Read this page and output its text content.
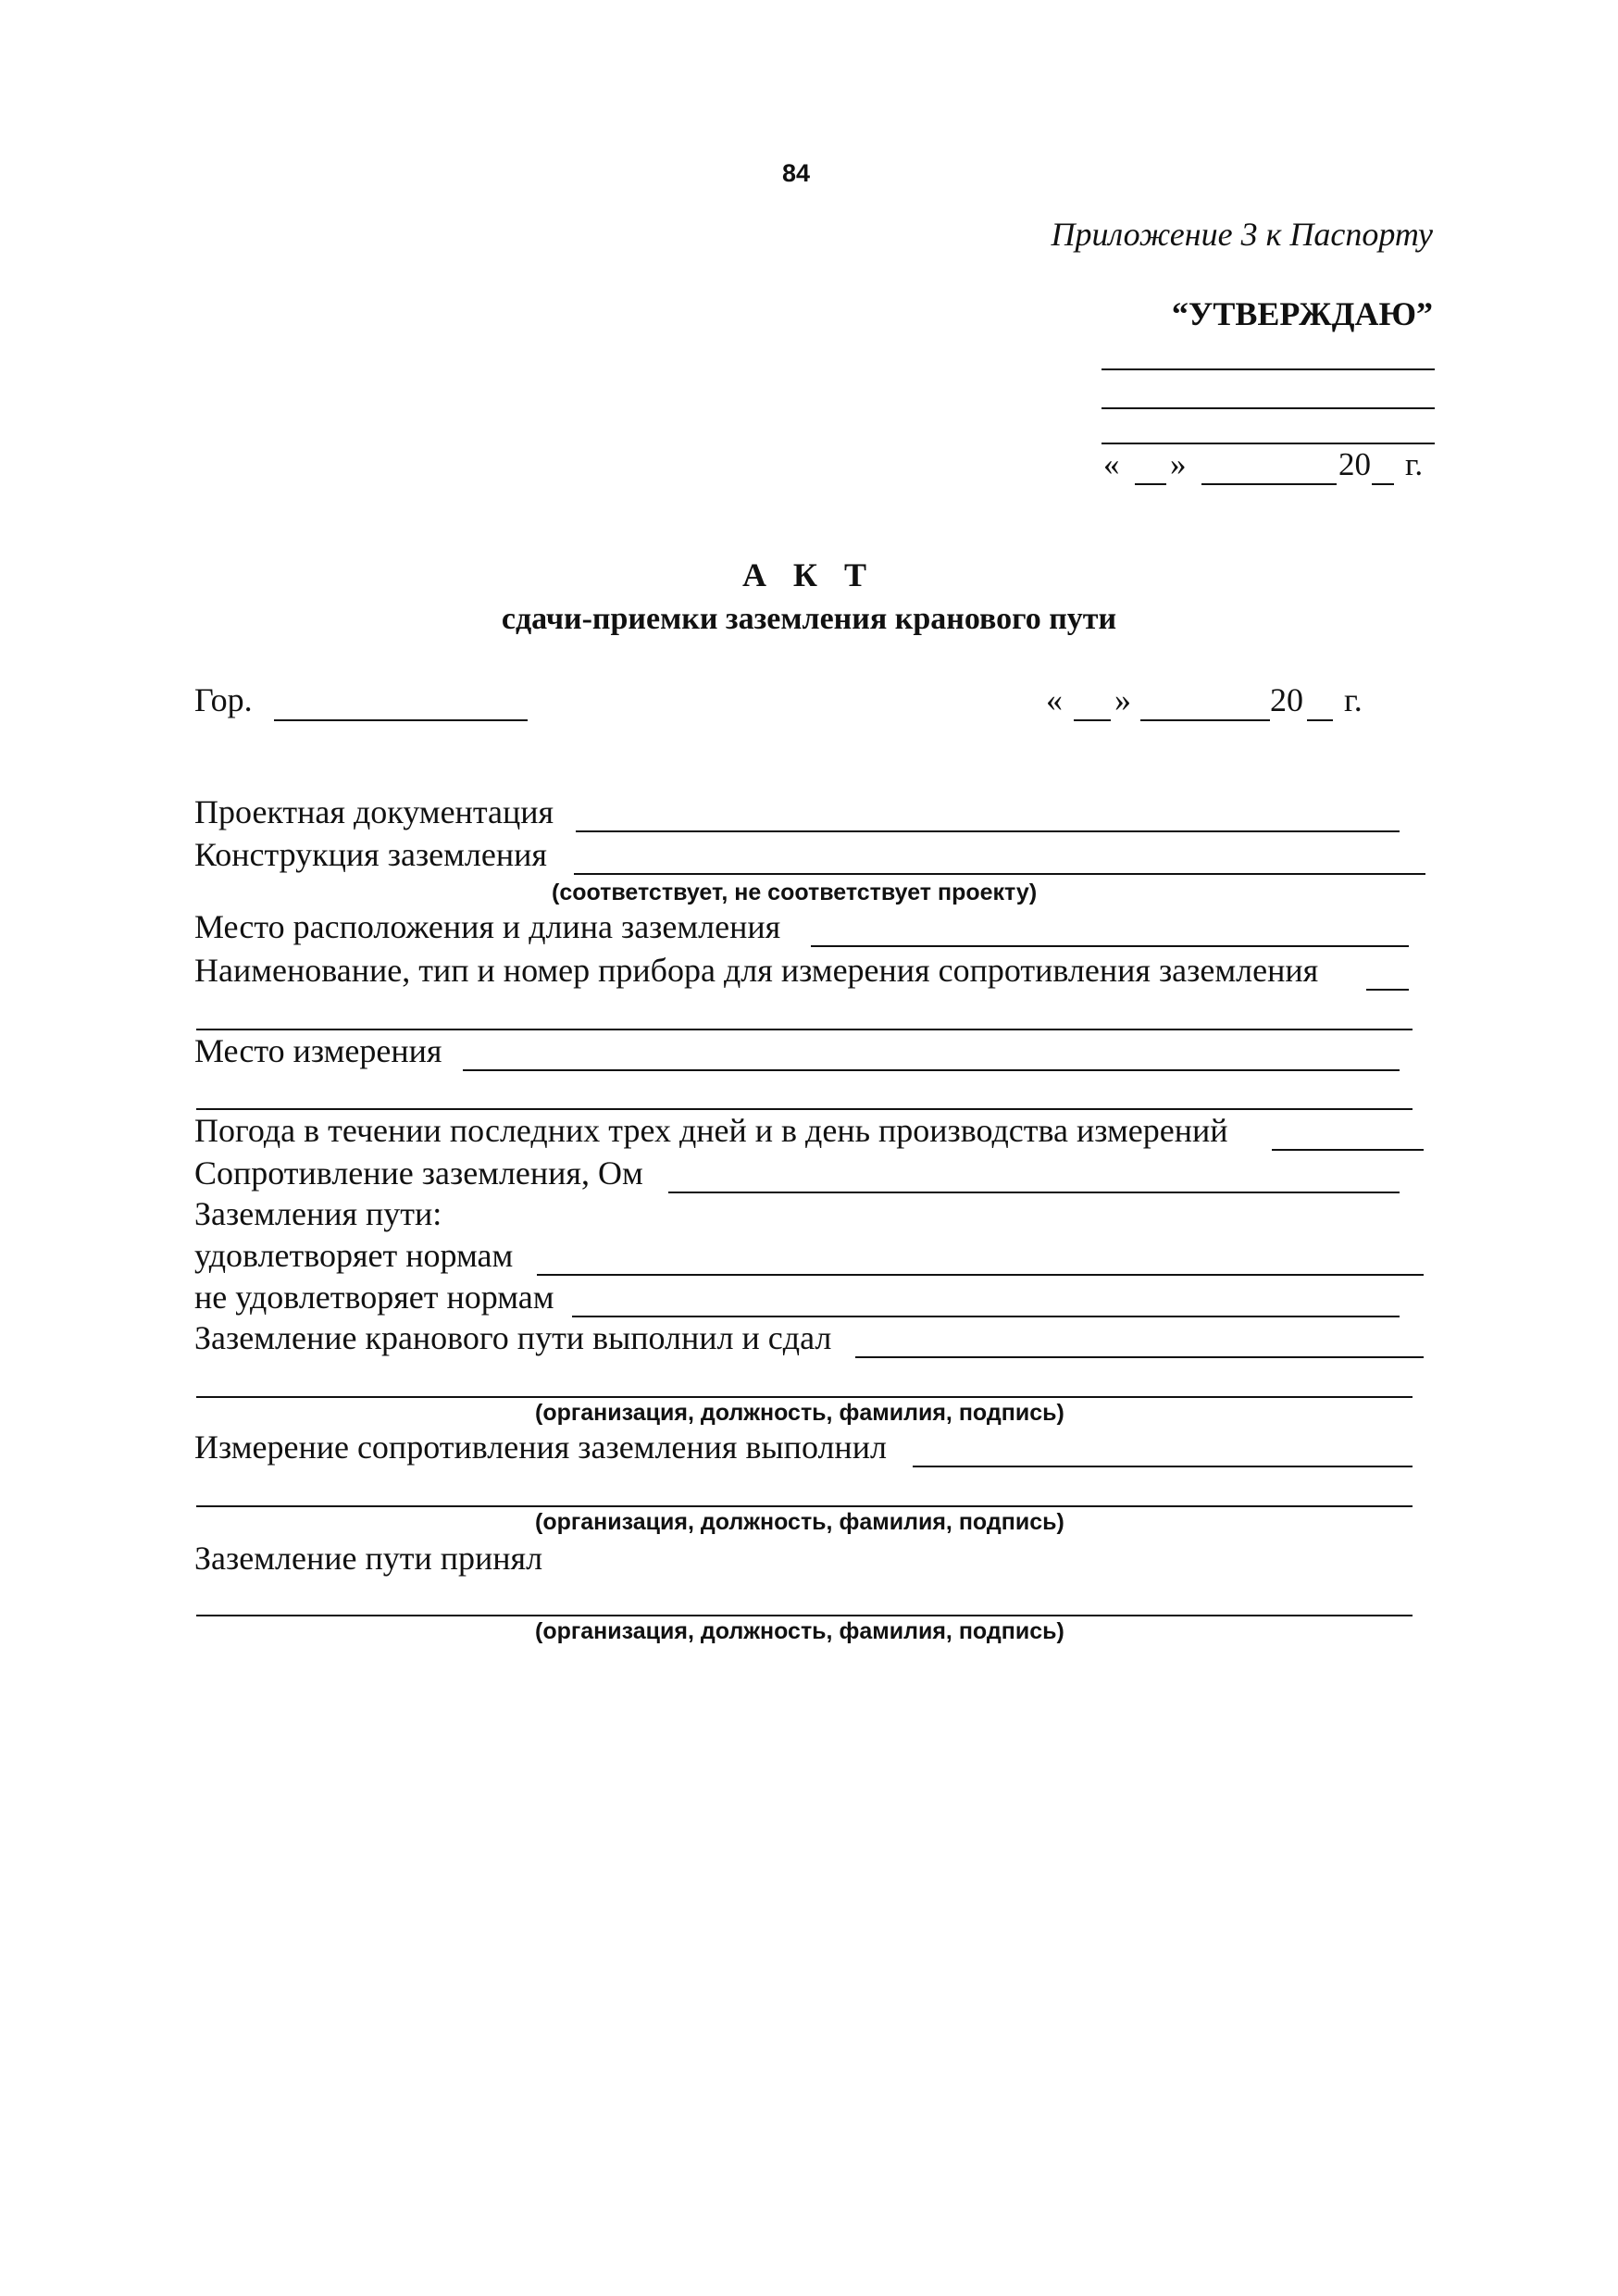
84
Приложение 3 к Паспорту
“УТВЕРЖДАЮ”
« »	20 г.
А К Т
сдачи-приемки заземления кранового пути
Гор.	« »	20 г.
Проектная документация
Конструкция заземления
(соответствует, не соответствует проекту)
Место расположения и длина заземления
Наименование, тип и номер прибора для измерения сопротивления заземления
Место измерения
Погода в течении последних трех дней и в день производства измерений
Сопротивление заземления, Ом
Заземления пути:
удовлетворяет нормам
не удовлетворяет нормам
Заземление кранового пути выполнил и сдал
(организация, должность, фамилия, подпись)
Измерение сопротивления заземления выполнил
(организация, должность, фамилия, подпись)
Заземление пути принял
(организация, должность, фамилия, подпись)
